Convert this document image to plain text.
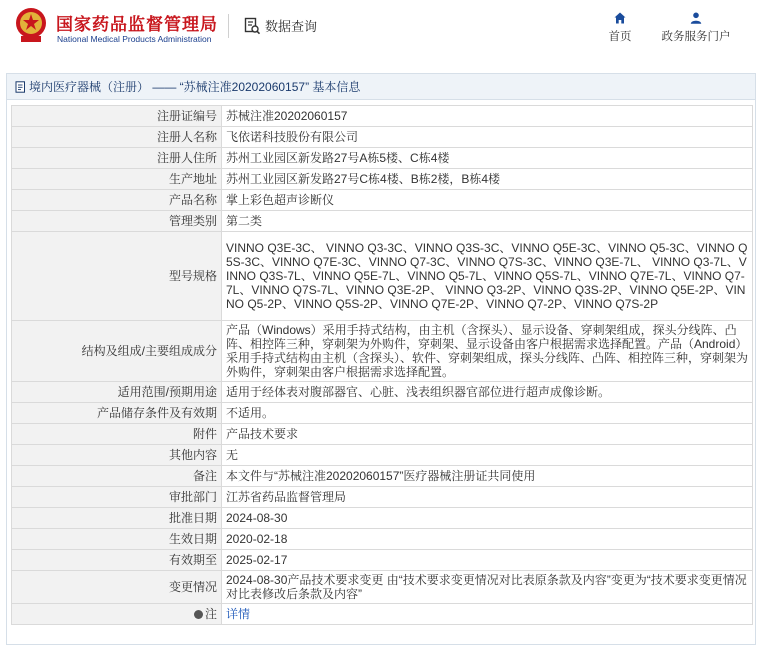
国家药品监督管理局
National Medical Products Administration
数据查询
首页	政务服务门户
境内医疗器械（注册） —— “苏械注准20202060157” 基本信息
注册证编号	苏械注准20202060157
注册人名称	飞依诺科技股份有限公司
注册人住所	苏州工业园区新发路27号A栋5楼、C栋4楼
生产地址	苏州工业园区新发路27号C栋4楼、B栋2楼，B栋4楼
产品名称	掌上彩色超声诊断仪
管理类别	第二类
型号规格	VINNO Q3E-3C、 VINNO Q3-3C、VINNO Q3S-3C、VINNO Q5E-3C、VINNO Q5-3C、VINNO Q5S-3C、VINNO Q7E-3C、VINNO Q7-3C、VINNO Q7S-3C、VINNO Q3E-7L、 VINNO Q3-7L、VINNO Q3S-7L、VINNO Q5E-7L、VINNO Q5-7L、VINNO Q5S-7L、VINNO Q7E-7L、VINNO Q7-7L、VINNO Q7S-7L、VINNO Q3E-2P、 VINNO Q3-2P、VINNO Q3S-2P、VINNO Q5E-2P、VINNO Q5-2P、VINNO Q5S-2P、VINNO Q7E-2P、VINNO Q7-2P、VINNO Q7S-2P
结构及组成/主要组成成分	产品（Windows）采用手持式结构，由主机（含探头）、显示设备、穿刺架组成，探头分线阵、凸阵、相控阵三种，穿刺架为外购件，穿刺架、显示设备由客户根据需求选择配置。产品（Android）采用手持式结构由主机（含探头）、软件、穿刺架组成，探头分线阵、凸阵、相控阵三种，穿刺架为外购件，穿刺架由客户根据需求选择配置。
适用范围/预期用途	适用于经体表对腹部器官、心脏、浅表组织器官部位进行超声成像诊断。
产品储存条件及有效期	不适用。
附件	产品技术要求
其他内容	无
备注	本文件与“苏械注准20202060157”医疗器械注册证共同使用
审批部门	江苏省药品监督管理局
批准日期	2024-08-30
生效日期	2020-02-18
有效期至	2025-02-17
变更情况	2024-08-30产品技术要求变更 由“技术要求变更情况对比表原条款及内容”变更为“技术要求变更情况对比表修改后条款及内容”
注	详情
